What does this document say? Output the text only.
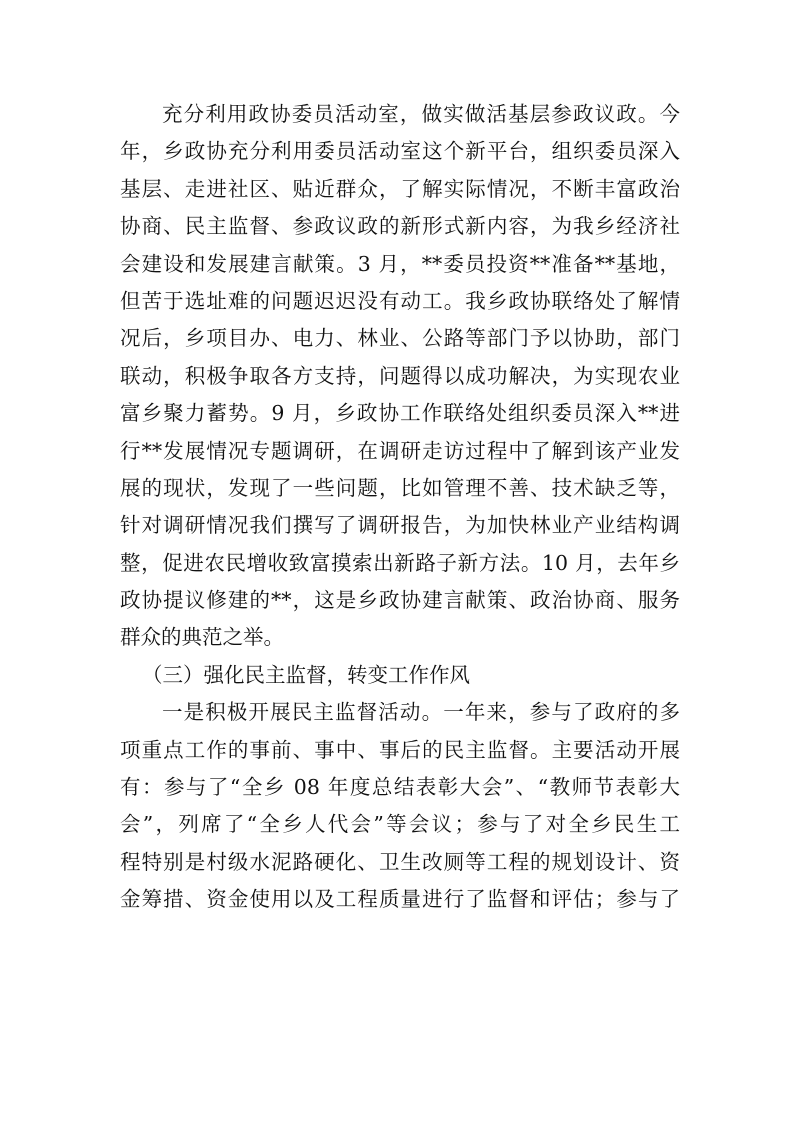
充分利用政协委员活动室，做实做活基层参政议政。今
年，乡政协充分利用委员活动室这个新平台，组织委员深入
基层、走进社区、贴近群众，了解实际情况，不断丰富政治
协商、民主监督、参政议政的新形式新内容，为我乡经济社
会建设和发展建言献策。3 月，**委员投资**准备**基地，
但苦于选址难的问题迟迟没有动工。我乡政协联络处了解情
况后，乡项目办、电力、林业、公路等部门予以协助，部门
联动，积极争取各方支持，问题得以成功解决，为实现农业
富乡聚力蓄势。9 月，乡政协工作联络处组织委员深入**进
行**发展情况专题调研，在调研走访过程中了解到该产业发
展的现状，发现了一些问题，比如管理不善、技术缺乏等，
针对调研情况我们撰写了调研报告，为加快林业产业结构调
整，促进农民增收致富摸索出新路子新方法。10 月，去年乡
政协提议修建的**，这是乡政协建言献策、政治协商、服务
群众的典范之举。
（三）强化民主监督，转变工作作风
一是积极开展民主监督活动。一年来，参与了政府的多
项重点工作的事前、事中、事后的民主监督。主要活动开展
有：参与了“全乡 08 年度总结表彰大会”、“教师节表彰大
会”，列席了“全乡人代会”等会议；参与了对全乡民生工
程特别是村级水泥路硬化、卫生改厕等工程的规划设计、资
金筹措、资金使用以及工程质量进行了监督和评估；参与了
